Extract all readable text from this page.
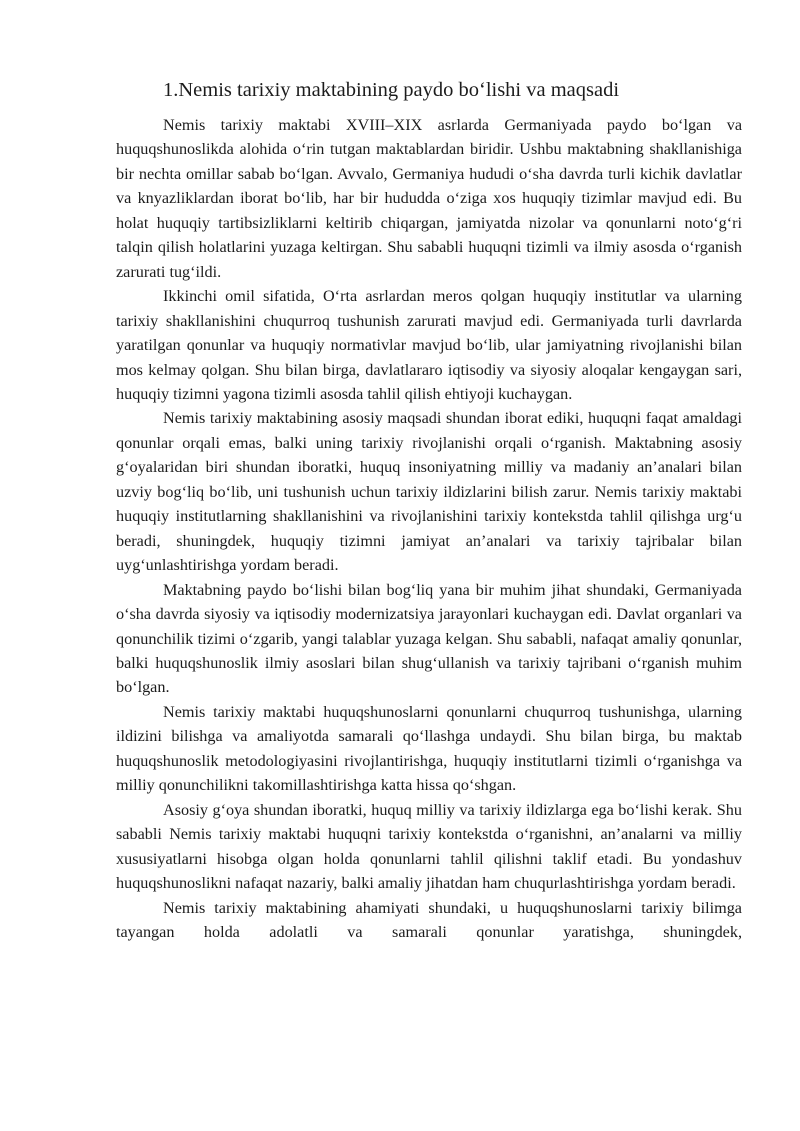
1.Nemis tarixiy maktabining paydo bo‘lishi va maqsadi

Nemis tarixiy maktabi XVIII–XIX asrlarda Germaniyada paydo bo‘lgan va huquqshunoslikda alohida o‘rin tutgan maktablardan biridir. Ushbu maktabning shakllanishiga bir nechta omillar sabab bo‘lgan. Avvalo, Germaniya hududi o‘sha davrda turli kichik davlatlar va knyazliklardan iborat bo‘lib, har bir hududda o‘ziga xos huquqiy tizimlar mavjud edi. Bu holat huquqiy tartibsizliklarni keltirib chiqargan, jamiyatda nizolar va qonunlarni noto‘g‘ri talqin qilish holatlarini yuzaga keltirgan. Shu sababli huquqni tizimli va ilmiy asosda o‘rganish zarurati tug‘ildi.

Ikkinchi omil sifatida, O‘rta asrlardan meros qolgan huquqiy institutlar va ularning tarixiy shakllanishini chuqurroq tushunish zarurati mavjud edi. Germaniyada turli davrlarda yaratilgan qonunlar va huquqiy normativlar mavjud bo‘lib, ular jamiyatning rivojlanishi bilan mos kelmay qolgan. Shu bilan birga, davlatlararo iqtisodiy va siyosiy aloqalar kengaygan sari, huquqiy tizimni yagona tizimli asosda tahlil qilish ehtiyoji kuchaygan.

Nemis tarixiy maktabining asosiy maqsadi shundan iborat ediki, huquqni faqat amaldagi qonunlar orqali emas, balki uning tarixiy rivojlanishi orqali o‘rganish. Maktabning asosiy g‘oyalaridan biri shundan iboratki, huquq insoniyatning milliy va madaniy an’analari bilan uzviy bog‘liq bo‘lib, uni tushunish uchun tarixiy ildizlarini bilish zarur. Nemis tarixiy maktabi huquqiy institutlarning shakllanishini va rivojlanishini tarixiy kontekstda tahlil qilishga urg‘u beradi, shuningdek, huquqiy tizimni jamiyat an’analari va tarixiy tajribalar bilan uyg‘unlashtirishga yordam beradi.

Maktabning paydo bo‘lishi bilan bog‘liq yana bir muhim jihat shundaki, Germaniyada o‘sha davrda siyosiy va iqtisodiy modernizatsiya jarayonlari kuchaygan edi. Davlat organlari va qonunchilik tizimi o‘zgarib, yangi talablar yuzaga kelgan. Shu sababli, nafaqat amaliy qonunlar, balki huquqshunoslik ilmiy asoslari bilan shug‘ullanish va tarixiy tajribani o‘rganish muhim bo‘lgan.

Nemis tarixiy maktabi huquqshunoslarni qonunlarni chuqurroq tushunishga, ularning ildizini bilishga va amaliyotda samarali qo‘llashga undaydi. Shu bilan birga, bu maktab huquqshunoslik metodologiyasini rivojlantirishga, huquqiy institutlarni tizimli o‘rganishga va milliy qonunchilikni takomillashtirishga katta hissa qo‘shgan.

Asosiy g‘oya shundan iboratki, huquq milliy va tarixiy ildizlarga ega bo‘lishi kerak. Shu sababli Nemis tarixiy maktabi huquqni tarixiy kontekstda o‘rganishni, an’analarni va milliy xususiyatlarni hisobga olgan holda qonunlarni tahlil qilishni taklif etadi. Bu yondashuv huquqshunoslikni nafaqat nazariy, balki amaliy jihatdan ham chuqurlashtirishga yordam beradi.

Nemis tarixiy maktabining ahamiyati shundaki, u huquqshunoslarni tarixiy bilimga tayangan holda adolatli va samarali qonunlar yaratishga, shuningdek,
